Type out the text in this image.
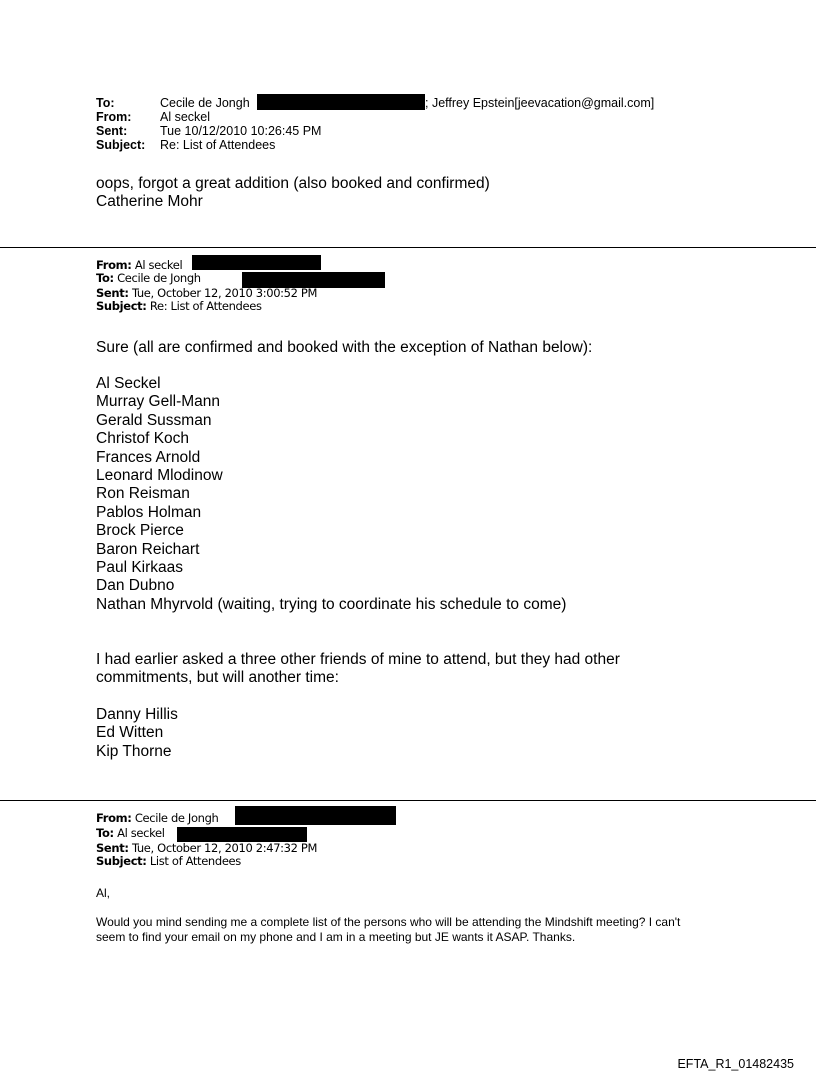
To:	Cecile de Jongh	; Jeffrey Epstein[jeevacation@gmail.com]
From: Al seckel
Sent:	Tue 10/12/2010 10:26:45 PM
Subject: Re: List of Attendees
oops, forgot a great addition (also booked and confirmed)
Catherine Mohr
From: Al seckel
To: Cecile de Jongh
Sent: Tue, October 12, 2010 3:00:52 PM
Subject: Re: List of Attendees
Sure (all are confirmed and booked with the exception of Nathan below):
Al Seckel
Murray Gell-Mann
Gerald Sussman
Christof Koch
Frances Arnold
Leonard Mlodinow
Ron Reisman
Pablos Holman
Brock Pierce
Baron Reichart
Paul Kirkaas
Dan Dubno
Nathan Mhyrvold (waiting, trying to coordinate his schedule to come)
I had earlier asked a three other friends of mine to attend, but they had other
commitments, but will another time:
Danny Hillis
Ed Witten
Kip Thorne
From: Cecile de Jongh
To: Al seckel
Sent: Tue, October 12, 2010 2:47:32 PM
Subject: List of Attendees
Al,
Would you mind sending me a complete list of the persons who will be attending the Mindshift meeting? I can't
seem to find your email on my phone and I am in a meeting but JE wants it ASAP. Thanks.
EFTA_R1_01482435
